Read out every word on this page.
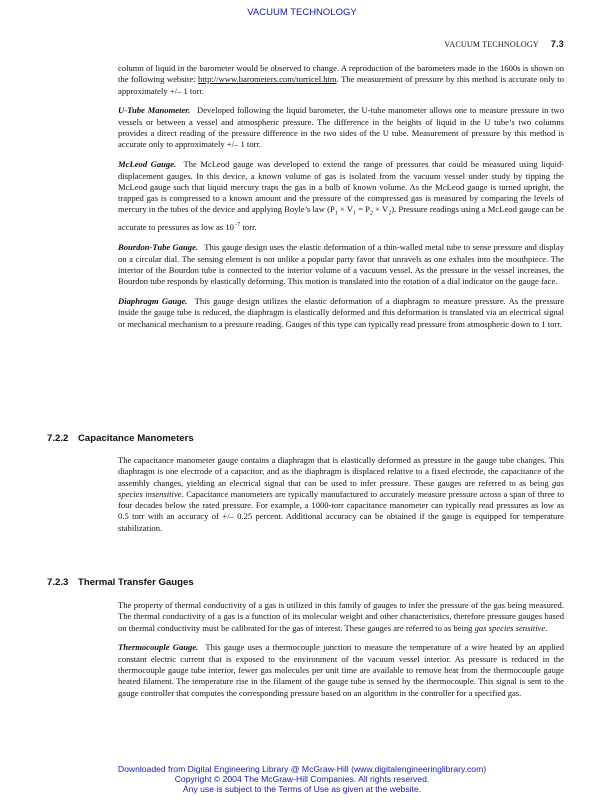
VACUUM TECHNOLOGY
VACUUM TECHNOLOGY 7.3

column of liquid in the barometer would be observed to change. A reproduction of the barometers made in the 1600s is shown on the following website: http://www.barometers.com/torricel.htm. The measurement of pressure by this method is accurate only to approximately +/– 1 torr.

U-Tube Manometer. Developed following the liquid barometer, the U-tube manometer allows one to measure pressure in two vessels or between a vessel and atmospheric pressure. The difference in the heights of liquid in the U tube’s two columns provides a direct reading of the pressure difference in the two sides of the U tube. Measurement of pressure by this method is accurate only to approximately +/– 1 torr.

McLeod Gauge. The McLeod gauge was developed to extend the range of pressures that could be measured using liquid-displacement gauges. In this device, a known volume of gas is isolated from the vacuum vessel under study by tipping the McLeod gauge such that liquid mercury traps the gas in a bulb of known volume. As the McLeod gauge is turned upright, the trapped gas is compressed to a known amount and the pressure of the compressed gas is measured by comparing the levels of mercury in the tubes of the device and applying Boyle’s law $(P_1 \times V_1 = P_2 \times V_2)$. Pressure readings using a McLeod gauge can be accurate to pressures as low as $10^{-7}$ torr.

Bourdon-Tube Gauge. This gauge design uses the elastic deformation of a thin-walled metal tube to sense pressure and display on a circular dial. The sensing element is not unlike a popular party favor that unravels as one exhales into the mouthpiece. The interior of the Bourdon tube is connected to the interior volume of a vacuum vessel. As the pressure in the vessel increases, the Bourdon tube responds by elastically deforming. This motion is translated into the rotation of a dial indicator on the gauge face.

Diaphragm Gauge. This gauge design utilizes the elastic deformation of a diaphragm to measure pressure. As the pressure inside the gauge tube is reduced, the diaphragm is elastically deformed and this deformation is translated via an electrical signal or mechanical mechanism to a pressure reading. Gauges of this type can typically read pressure from atmospheric down to 1 torr.

7.2.2 Capacitance Manometers

The capacitance manometer gauge contains a diaphragm that is elastically deformed as pressure in the gauge tube changes. This diaphragm is one electrode of a capacitor, and as the diaphragm is displaced relative to a fixed electrode, the capacitance of the assembly changes, yielding an electrical signal that can be used to infer pressure. These gauges are referred to as being gas species insensitive. Capacitance manometers are typically manufactured to accurately measure pressure across a span of three to four decades below the rated pressure. For example, a 1000-torr capacitance manometer can typically read pressures as low as 0.5 torr with an accuracy of +/– 0.25 percent. Additional accuracy can be obtained if the gauge is equipped for temperature stabilization.

7.2.3 Thermal Transfer Gauges

The property of thermal conductivity of a gas is utilized in this family of gauges to infer the pressure of the gas being measured. The thermal conductivity of a gas is a function of its molecular weight and other characteristics, therefore pressure gauges based on thermal conductivity must be calibrated for the gas of interest. These gauges are referred to as being gas species sensitive.

Thermocouple Gauge. This gauge uses a thermocouple junction to measure the temperature of a wire heated by an applied constant electric current that is exposed to the environment of the vacuum vessel interior. As pressure is reduced in the thermocouple gauge tube interior, fewer gas molecules per unit time are available to remove heat from the thermocouple gauge heated filament. The temperature rise in the filament of the gauge tube is sensed by the thermocouple. This signal is sent to the gauge controller that computes the corresponding pressure based on an algorithm in the controller for a specified gas.

Downloaded from Digital Engineering Library @ McGraw-Hill (www.digitalengineeringlibrary.com)
Copyright © 2004 The McGraw-Hill Companies. All rights reserved.
Any use is subject to the Terms of Use as given at the website.
